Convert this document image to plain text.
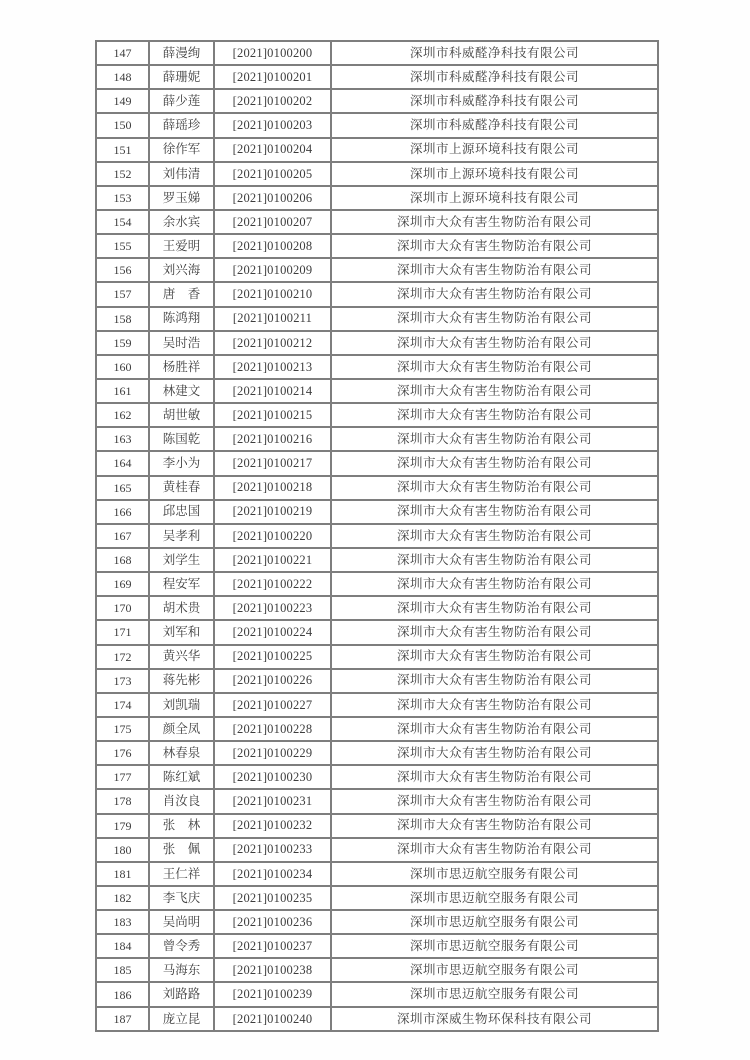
147	薛漫绚	[2021]0100200	深圳市科威醛净科技有限公司
148	薛珊妮	[2021]0100201	深圳市科威醛净科技有限公司
149	薛少莲	[2021]0100202	深圳市科威醛净科技有限公司
150	薛瑶珍	[2021]0100203	深圳市科威醛净科技有限公司
151	徐作军	[2021]0100204	深圳市上源环境科技有限公司
152	刘伟清	[2021]0100205	深圳市上源环境科技有限公司
153	罗玉娣	[2021]0100206	深圳市上源环境科技有限公司
154	余水宾	[2021]0100207	深圳市大众有害生物防治有限公司
155	王爱明	[2021]0100208	深圳市大众有害生物防治有限公司
156	刘兴海	[2021]0100209	深圳市大众有害生物防治有限公司
157	唐　香	[2021]0100210	深圳市大众有害生物防治有限公司
158	陈鸿翔	[2021]0100211	深圳市大众有害生物防治有限公司
159	吴时浩	[2021]0100212	深圳市大众有害生物防治有限公司
160	杨胜祥	[2021]0100213	深圳市大众有害生物防治有限公司
161	林建文	[2021]0100214	深圳市大众有害生物防治有限公司
162	胡世敏	[2021]0100215	深圳市大众有害生物防治有限公司
163	陈国乾	[2021]0100216	深圳市大众有害生物防治有限公司
164	李小为	[2021]0100217	深圳市大众有害生物防治有限公司
165	黄桂春	[2021]0100218	深圳市大众有害生物防治有限公司
166	邱忠国	[2021]0100219	深圳市大众有害生物防治有限公司
167	吴孝利	[2021]0100220	深圳市大众有害生物防治有限公司
168	刘学生	[2021]0100221	深圳市大众有害生物防治有限公司
169	程安军	[2021]0100222	深圳市大众有害生物防治有限公司
170	胡术贵	[2021]0100223	深圳市大众有害生物防治有限公司
171	刘军和	[2021]0100224	深圳市大众有害生物防治有限公司
172	黄兴华	[2021]0100225	深圳市大众有害生物防治有限公司
173	蒋先彬	[2021]0100226	深圳市大众有害生物防治有限公司
174	刘凯瑞	[2021]0100227	深圳市大众有害生物防治有限公司
175	颜全凤	[2021]0100228	深圳市大众有害生物防治有限公司
176	林春泉	[2021]0100229	深圳市大众有害生物防治有限公司
177	陈红斌	[2021]0100230	深圳市大众有害生物防治有限公司
178	肖汝良	[2021]0100231	深圳市大众有害生物防治有限公司
179	张　林	[2021]0100232	深圳市大众有害生物防治有限公司
180	张　佩	[2021]0100233	深圳市大众有害生物防治有限公司
181	王仁祥	[2021]0100234	深圳市思迈航空服务有限公司
182	李飞庆	[2021]0100235	深圳市思迈航空服务有限公司
183	吴尚明	[2021]0100236	深圳市思迈航空服务有限公司
184	曾令秀	[2021]0100237	深圳市思迈航空服务有限公司
185	马海东	[2021]0100238	深圳市思迈航空服务有限公司
186	刘路路	[2021]0100239	深圳市思迈航空服务有限公司
187	庞立昆	[2021]0100240	深圳市深威生物环保科技有限公司
